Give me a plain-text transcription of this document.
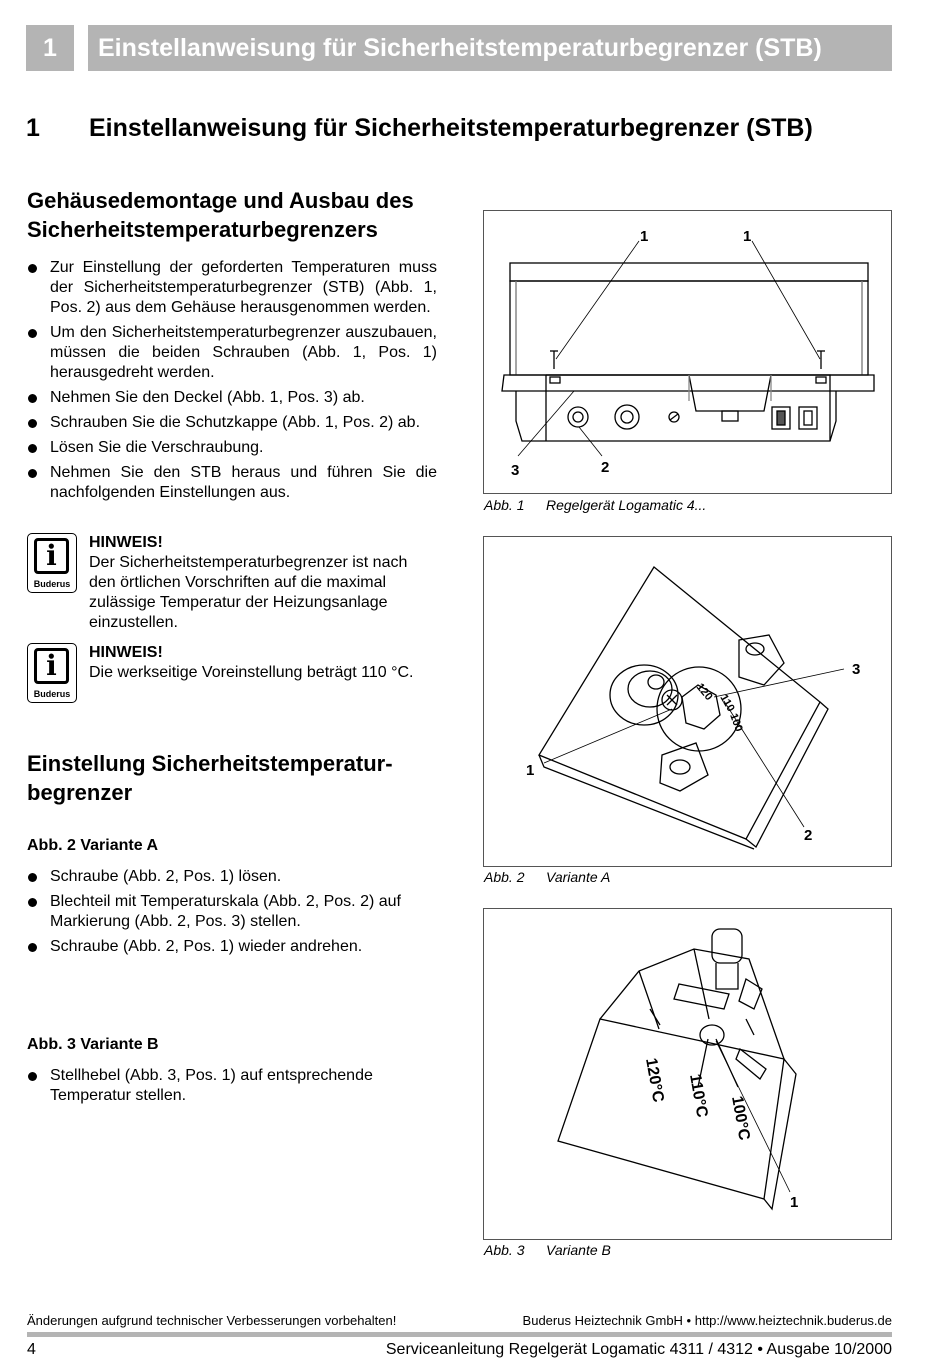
1	Einstellanweisung für Sicherheitstemperaturbegrenzer (STB)
1 Einstellanweisung für Sicherheitstemperaturbegrenzer (STB)
Gehäusedemontage und Ausbau des
Sicherheitstemperaturbegrenzers
Zur Einstellung der geforderten Temperaturen muss der Sicherheitstemperaturbegrenzer (STB) (Abb. 1, Pos. 2) aus dem Gehäuse herausgenommen werden.
Um den Sicherheitstemperaturbegrenzer auszubauen, müssen die beiden Schrauben (Abb. 1, Pos. 1) herausgedreht werden.
Nehmen Sie den Deckel (Abb. 1, Pos. 3) ab.
Schrauben Sie die Schutzkappe (Abb. 1, Pos. 2) ab.
Lösen Sie die Verschraubung.
Nehmen Sie den STB heraus und führen Sie die nachfolgenden Einstellungen aus.
i
Buderus
HINWEIS!
Der Sicherheitstemperaturbegrenzer ist nach den örtlichen Vorschriften auf die maximal zulässige Temperatur der Heizungsanlage einzustellen.
i
Buderus
HINWEIS!
Die werkseitige Voreinstellung beträgt 110 °C.
Einstellung Sicherheitstemperatur-
begrenzer
Abb. 2 Variante A
Schraube (Abb. 2, Pos. 1) lösen.
Blechteil mit Temperaturskala (Abb. 2, Pos. 2) auf Markierung (Abb. 2, Pos. 3) stellen.
Schraube (Abb. 2, Pos. 1) wieder andrehen.
Abb. 3 Variante B
Stellhebel (Abb. 3, Pos. 1) auf entsprechende Temperatur stellen.
1	1
3	2
Abb. 1 Regelgerät Logamatic 4...
120
110
100
3
1
2
Abb. 2 Variante A
120°C 110°C 100°C
1
Abb. 3 Variante B
Änderungen aufgrund technischer Verbesserungen vorbehalten!	Buderus Heiztechnik GmbH • http://www.heiztechnik.buderus.de
4	Serviceanleitung Regelgerät Logamatic 4311 / 4312 • Ausgabe 10/2000
